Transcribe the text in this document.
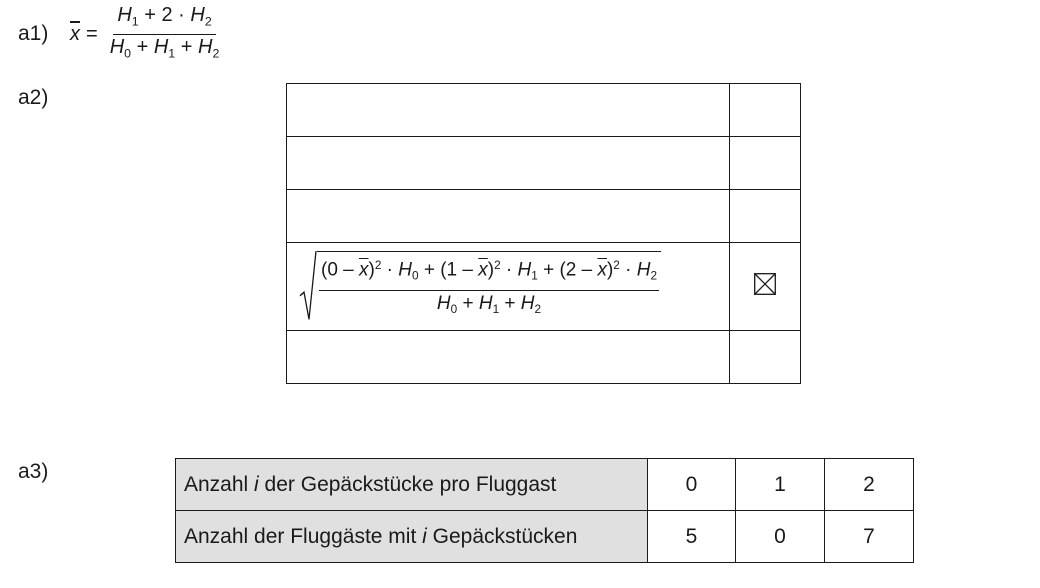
a1) $\overline{x} = \frac{H_1 + 2 \cdot H_2}{H_0 + H_1 + H_2}$
a2)

$\frac{(0 - \overline{x})^2 \cdot H_0 + (1 - \overline{x})^2 \cdot H_1 + (2 - \overline{x})^2 \cdot H_2}{H_0 + H_1 + H_2}$

a3)
Anzahl i der Gepäckstücke pro Fluggast	0	1	2
Anzahl der Fluggäste mit i Gepäckstücken	5	0	7
